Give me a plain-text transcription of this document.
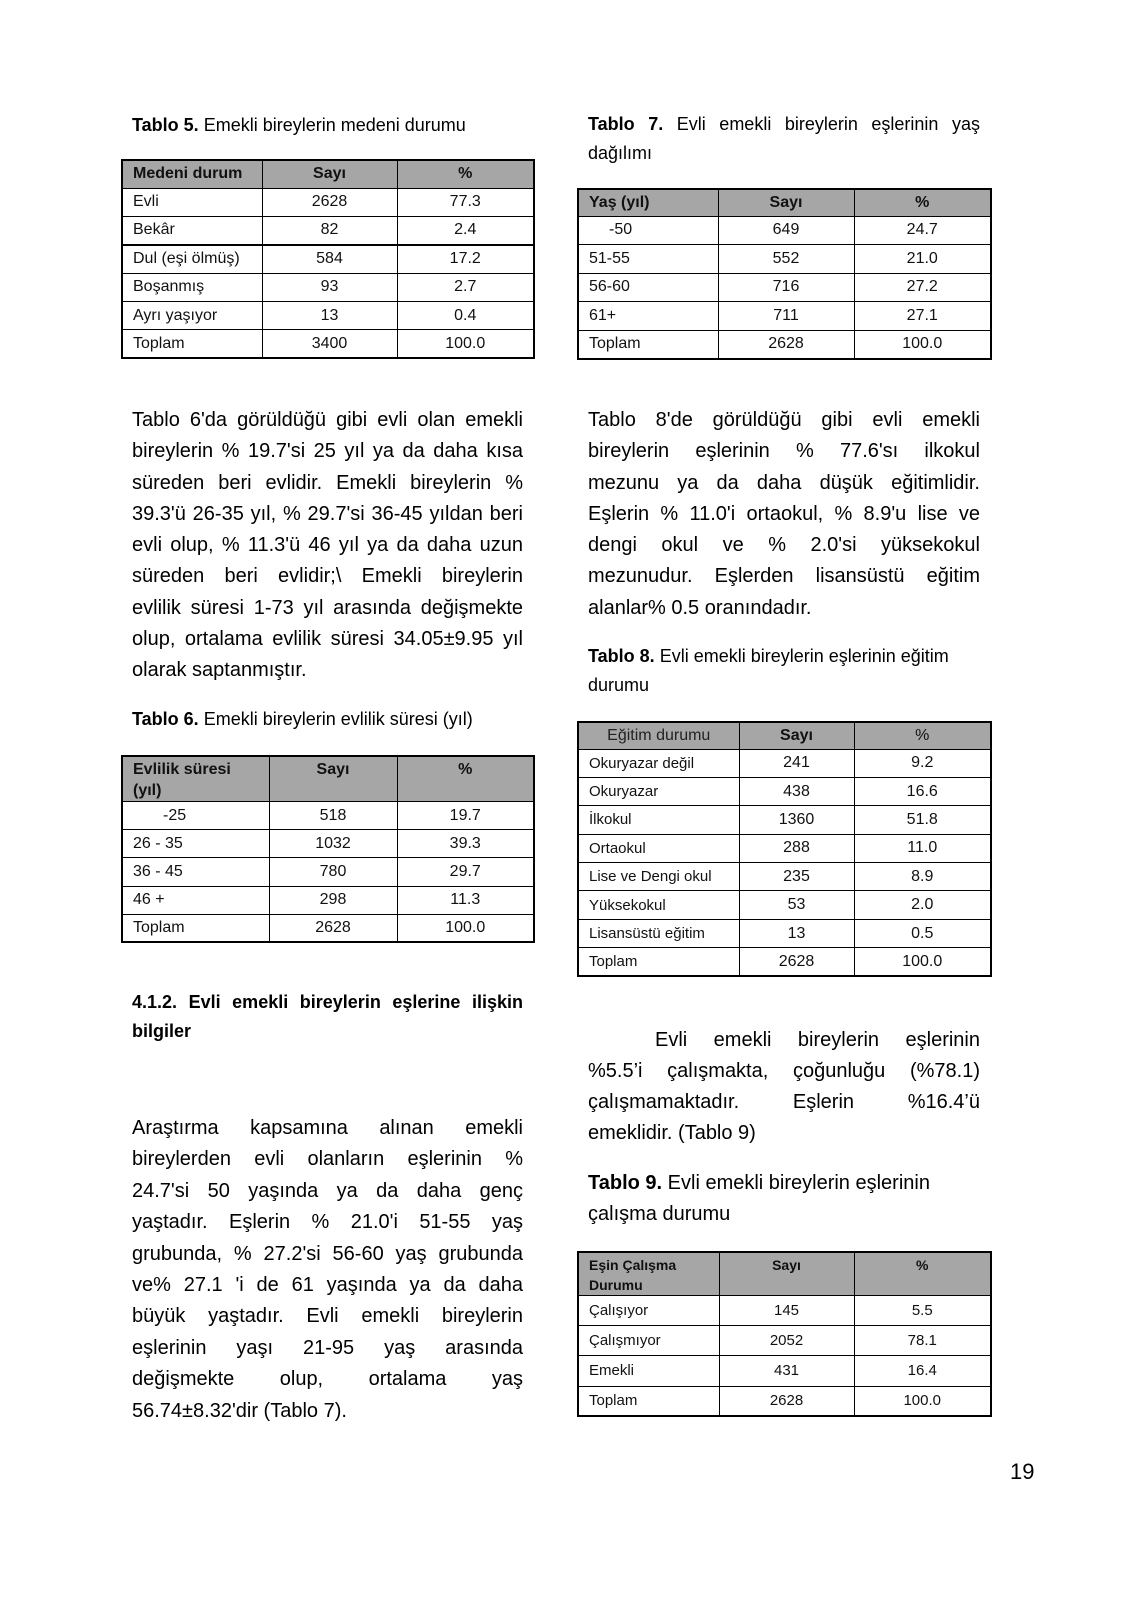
Tablo 5. Emekli bireylerin medeni durumu
Medeni durum	Sayı	%
Evli	2628	77.3
Bekâr	82	2.4
Dul (eşi ölmüş)	584	17.2
Boşanmış	93	2.7
Ayrı yaşıyor	13	0.4
Toplam	3400	100.0
Tablo 6'da görüldüğü gibi evli olan emekli
bireylerin % 19.7'si 25 yıl ya da daha kısa
süreden beri evlidir. Emekli bireylerin %
39.3'ü 26-35 yıl, % 29.7'si 36-45 yıldan beri
evli olup, % 11.3'ü 46 yıl ya da daha uzun
süreden beri evlidir;\ Emekli bireylerin
evlilik süresi 1-73 yıl arasında değişmekte
olup, ortalama evlilik süresi 34.05±9.95 yıl
olarak saptanmıştır.
Tablo 6. Emekli bireylerin evlilik süresi (yıl)
Evlilik süresi (yıl)	Sayı	%
-25	518	19.7
26 - 35	1032	39.3
36 - 45	780	29.7
46 +	298	11.3
Toplam	2628	100.0
4.1.2. Evli emekli bireylerin eşlerine ilişkin
bilgiler
Araştırma kapsamına alınan emekli
bireylerden evli olanların eşlerinin %
24.7'si 50 yaşında ya da daha genç
yaştadır. Eşlerin % 21.0'i 51-55 yaş
grubunda, % 27.2'si 56-60 yaş grubunda
ve% 27.1 'i de 61 yaşında ya da daha
büyük yaştadır. Evli emekli bireylerin
eşlerinin yaşı 21-95 yaş arasında
değişmekte olup, ortalama yaş
56.74±8.32'dir (Tablo 7).
Tablo 7. Evli emekli bireylerin eşlerinin yaş
dağılımı
Yaş (yıl)	Sayı	%
-50	649	24.7
51-55	552	21.0
56-60	716	27.2
61+	711	27.1
Toplam	2628	100.0
Tablo 8'de görüldüğü gibi evli emekli
bireylerin eşlerinin % 77.6'sı ilkokul
mezunu ya da daha düşük eğitimlidir.
Eşlerin % 11.0'i ortaokul, % 8.9'u lise ve
dengi okul ve % 2.0'si yüksekokul
mezunudur. Eşlerden lisansüstü eğitim
alanlar% 0.5 oranındadır.
Tablo 8. Evli emekli bireylerin eşlerinin eğitim
durumu
Eğitim durumu	Sayı	%
Okuryazar değil	241	9.2
Okuryazar	438	16.6
İlkokul	1360	51.8
Ortaokul	288	11.0
Lise ve Dengi okul	235	8.9
Yüksekokul	53	2.0
Lisansüstü eğitim	13	0.5
Toplam	2628	100.0
Evli emekli bireylerin eşlerinin
%5.5’i çalışmakta, çoğunluğu (%78.1)
çalışmamaktadır. Eşlerin %16.4’ü
emeklidir. (Tablo 9)
Tablo 9. Evli emekli bireylerin eşlerinin
çalışma durumu
Eşin Çalışma Durumu	Sayı	%
Çalışıyor	145	5.5
Çalışmıyor	2052	78.1
Emekli	431	16.4
Toplam	2628	100.0
19
